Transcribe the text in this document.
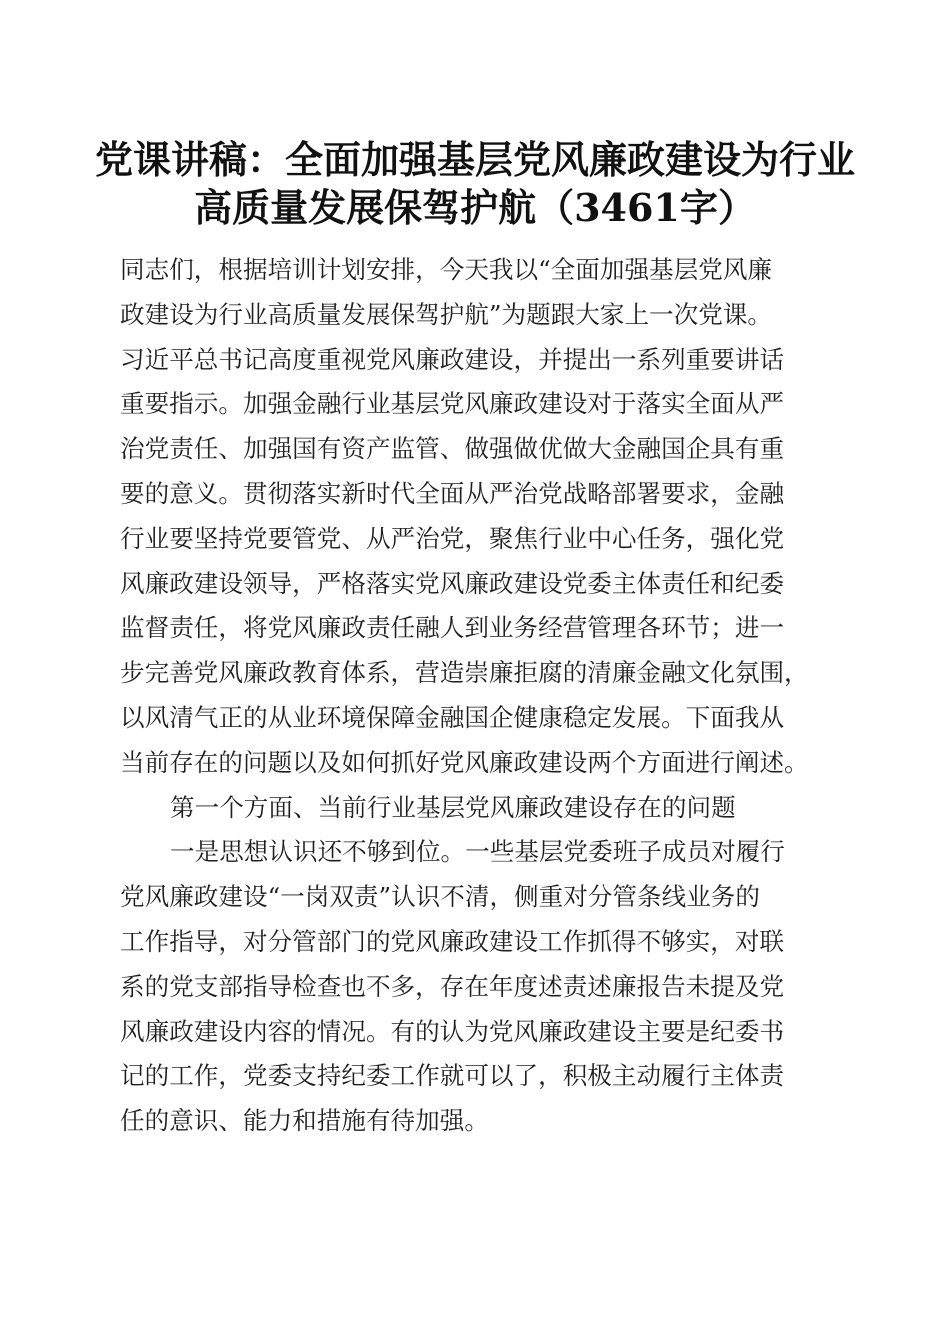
党课讲稿：全面加强基层党风廉政建设为行业
高质量发展保驾护航（3461字）
同志们，根据培训计划安排，今天我以“全面加强基层党风廉
政建设为行业高质量发展保驾护航”为题跟大家上一次党课。
习近平总书记高度重视党风廉政建设，并提出一系列重要讲话
重要指示。加强金融行业基层党风廉政建设对于落实全面从严
治党责任、加强国有资产监管、做强做优做大金融国企具有重
要的意义。贯彻落实新时代全面从严治党战略部署要求，金融
行业要坚持党要管党、从严治党，聚焦行业中心任务，强化党
风廉政建设领导，严格落实党风廉政建设党委主体责任和纪委
监督责任，将党风廉政责任融人到业务经营管理各环节；进一
步完善党风廉政教育体系，营造崇廉拒腐的清廉金融文化氛围，
以风清气正的从业环境保障金融国企健康稳定发展。下面我从
当前存在的问题以及如何抓好党风廉政建设两个方面进行阐述。
第一个方面、当前行业基层党风廉政建设存在的问题
一是思想认识还不够到位。一些基层党委班子成员对履行
党风廉政建设“一岗双责”认识不清，侧重对分管条线业务的
工作指导，对分管部门的党风廉政建设工作抓得不够实，对联
系的党支部指导检查也不多，存在年度述责述廉报告未提及党
风廉政建设内容的情况。有的认为党风廉政建设主要是纪委书
记的工作，党委支持纪委工作就可以了，积极主动履行主体责
任的意识、能力和措施有待加强。
